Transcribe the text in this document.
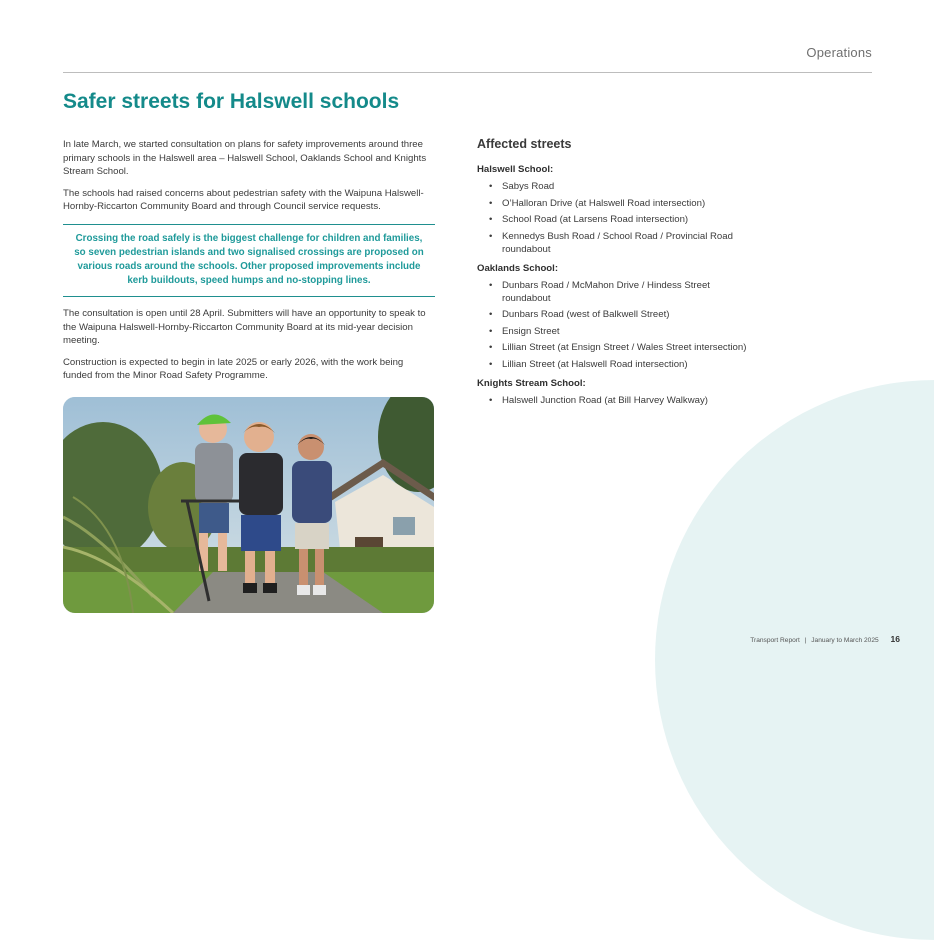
Operations
Safer streets for Halswell schools

In late March, we started consultation on plans for safety improvements around three primary schools in the Halswell area – Halswell School, Oaklands School and Knights Stream School.

The schools had raised concerns about pedestrian safety with the Waipuna Halswell-Hornby-Riccarton Community Board and through Council service requests.

Crossing the road safely is the biggest challenge for children and families, so seven pedestrian islands and two signalised crossings are proposed on various roads around the schools. Other proposed improvements include kerb buildouts, speed humps and no-stopping lines.

The consultation is open until 28 April. Submitters will have an opportunity to speak to the Waipuna Halswell-Hornby-Riccarton Community Board at its mid-year decision meeting.

Construction is expected to begin in late 2025 or early 2026, with the work being funded from the Minor Road Safety Programme.

Affected streets
Halswell School:
• Sabys Road
• O’Halloran Drive (at Halswell Road intersection)
• School Road (at Larsens Road intersection)
• Kennedys Bush Road / School Road / Provincial Road roundabout
Oaklands School:
• Dunbars Road / McMahon Drive / Hindess Street roundabout
• Dunbars Road (west of Balkwell Street)
• Ensign Street
• Lillian Street (at Ensign Street / Wales Street intersection)
• Lillian Street (at Halswell Road intersection)
Knights Stream School:
• Halswell Junction Road (at Bill Harvey Walkway)
Transport Report | January to March 2025 16
